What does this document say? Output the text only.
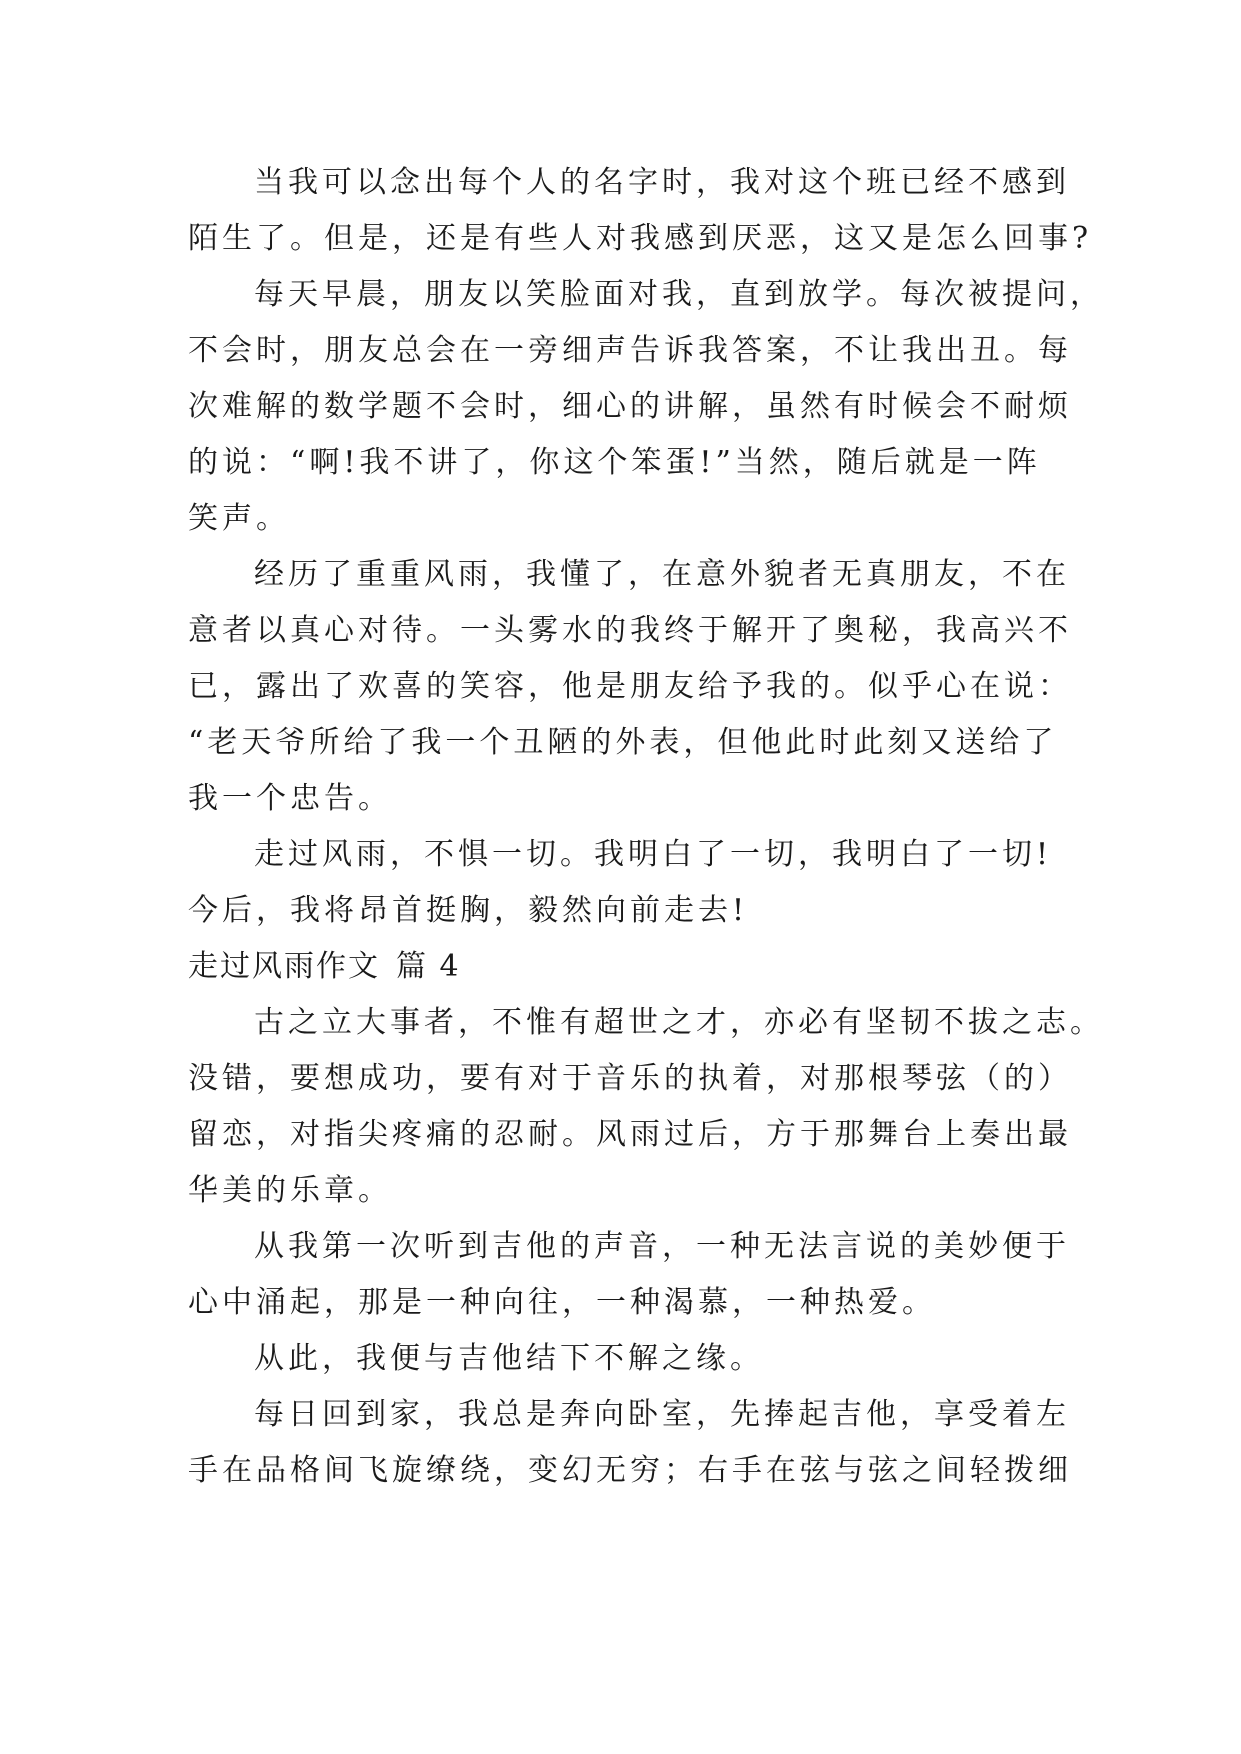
当我可以念出每个人的名字时，我对这个班已经不感到
陌生了。但是，还是有些人对我感到厌恶，这又是怎么回事?
每天早晨，朋友以笑脸面对我，直到放学。每次被提问，
不会时，朋友总会在一旁细声告诉我答案，不让我出丑。每
次难解的数学题不会时，细心的讲解，虽然有时候会不耐烦
的说：“啊!我不讲了，你这个笨蛋!”当然，随后就是一阵
笑声。
经历了重重风雨，我懂了，在意外貌者无真朋友，不在
意者以真心对待。一头雾水的我终于解开了奥秘，我高兴不
已，露出了欢喜的笑容，他是朋友给予我的。似乎心在说：
“老天爷所给了我一个丑陋的外表，但他此时此刻又送给了
我一个忠告。
走过风雨，不惧一切。我明白了一切，我明白了一切!
今后，我将昂首挺胸，毅然向前走去!
走过风雨作文 篇 4
古之立大事者，不惟有超世之才，亦必有坚韧不拔之志。
没错，要想成功，要有对于音乐的执着，对那根琴弦（的）
留恋，对指尖疼痛的忍耐。风雨过后，方于那舞台上奏出最
华美的乐章。
从我第一次听到吉他的声音，一种无法言说的美妙便于
心中涌起，那是一种向往，一种渴慕，一种热爱。
从此，我便与吉他结下不解之缘。
每日回到家，我总是奔向卧室，先捧起吉他，享受着左
手在品格间飞旋缭绕，变幻无穷；右手在弦与弦之间轻拨细
